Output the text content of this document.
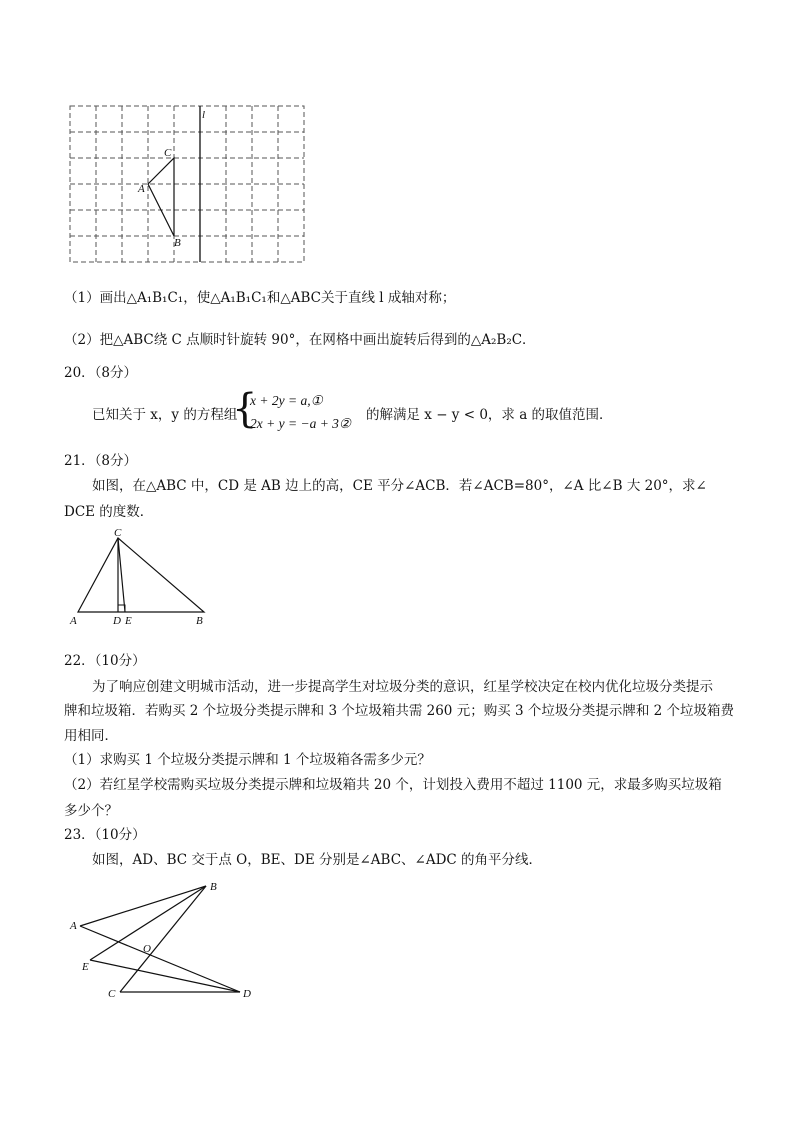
l
A
C
B
（1）画出△A₁B₁C₁，使△A₁B₁C₁和△ABC关于直线 l 成轴对称；
（2）把△ABC绕 C 点顺时针旋转 90°，在网格中画出旋转后得到的△A₂B₂C．
20．（8分）
已知关于 x，y 的方程组
{
x + 2y = a,①
2x + y = −a + 3②
的解满足 x − y < 0，求 a 的取值范围．
21．（8分）
如图，在△ABC 中，CD 是 AB 边上的高，CE 平分∠ACB．若∠ACB=80°，∠A 比∠B 大 20°，求∠
DCE 的度数．
C
A	D E	B
22．（10分）
为了响应创建文明城市活动，进一步提高学生对垃圾分类的意识，红星学校决定在校内优化垃圾分类提示
牌和垃圾箱．若购买 2 个垃圾分类提示牌和 3 个垃圾箱共需 260 元；购买 3 个垃圾分类提示牌和 2 个垃圾箱费
用相同．
（1）求购买 1 个垃圾分类提示牌和 1 个垃圾箱各需多少元？
（2）若红星学校需购买垃圾分类提示牌和垃圾箱共 20 个，计划投入费用不超过 1100 元，求最多购买垃圾箱
多少个？
23．（10分）
如图，AD、BC 交于点 O，BE、DE 分别是∠ABC、∠ADC 的角平分线．
B
A
O
E
C	D
